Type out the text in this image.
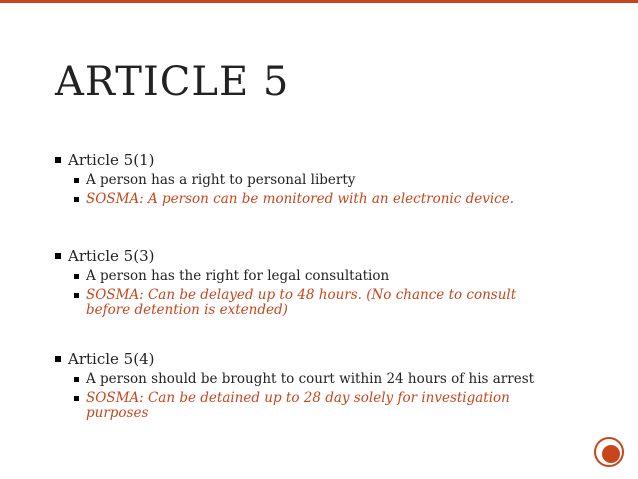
ARTICLE 5
Article 5(1)
A person has a right to personal liberty
SOSMA: A person can be monitored with an electronic device.
Article 5(3)
A person has the right for legal consultation
SOSMA: Can be delayed up to 48 hours. (No chance to consult before detention is extended)
Article 5(4)
A person should be brought to court within 24 hours of his arrest
SOSMA: Can be detained up to 28 day solely for investigation purposes
